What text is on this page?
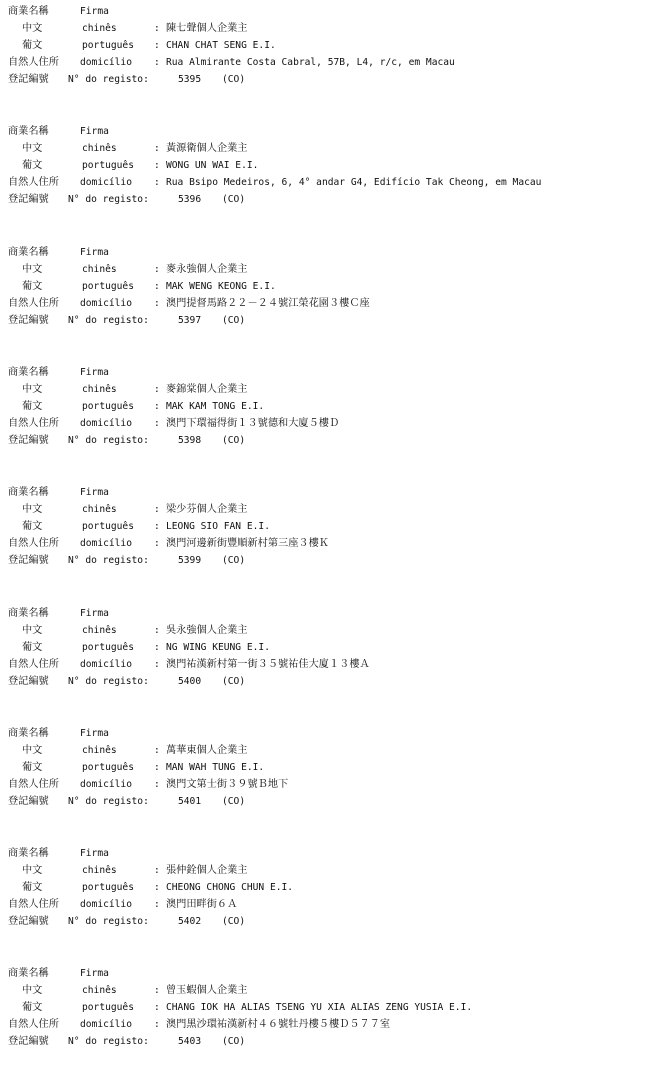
商業名稱	Firma
中文	chinês	: 陳七聲個人企業主
葡文	português : CHAN CHAT SENG E.I.
自然人住所 domicílio : Rua Almirante Costa Cabral, 57B, L4, r/c, em Macau
登記編號 N° do registo:	5395 (CO)
商業名稱	Firma
中文	chinês	: 黃源衛個人企業主
葡文	português : WONG UN WAI E.I.
自然人住所 domicílio : Rua Bsipo Medeiros, 6, 4° andar G4, Edifício Tak Cheong, em Macau
登記編號 N° do registo:	5396 (CO)
商業名稱	Firma
中文	chinês	: 麥永強個人企業主
葡文	português : MAK WENG KEONG E.I.
自然人住所 domicílio : 澳門提督馬路２２－２４號江榮花園３樓Ｃ座
登記編號 N° do registo:	5397 (CO)
商業名稱	Firma
中文	chinês	: 麥錦棠個人企業主
葡文	português : MAK KAM TONG E.I.
自然人住所 domicílio : 澳門下環福得街１３號德和大廈５樓Ｄ
登記編號 N° do registo:	5398 (CO)
商業名稱	Firma
中文	chinês	: 梁少芬個人企業主
葡文	português : LEONG SIO FAN E.I.
自然人住所 domicílio : 澳門河邊新街豐順新村第三座３樓Ｋ
登記編號 N° do registo:	5399 (CO)
商業名稱	Firma
中文	chinês	: 吳永強個人企業主
葡文	português : NG WING KEUNG E.I.
自然人住所 domicílio : 澳門祐漢新村第一街３５號祐佳大廈１３樓Ａ
登記編號 N° do registo:	5400 (CO)
商業名稱	Firma
中文	chinês	: 萬華東個人企業主
葡文	português : MAN WAH TUNG E.I.
自然人住所 domicílio : 澳門文第士街３９號Ｂ地下
登記編號 N° do registo:	5401 (CO)
商業名稱	Firma
中文	chinês	: 張仲銓個人企業主
葡文	português : CHEONG CHONG CHUN E.I.
自然人住所 domicílio : 澳門田畔街６Ａ
登記編號 N° do registo:	5402 (CO)
商業名稱	Firma
中文	chinês	: 曾玉蝦個人企業主
葡文	português : CHANG IOK HA ALIAS TSENG YU XIA ALIAS ZENG YUSIA E.I.
自然人住所 domicílio : 澳門黑沙環祐漢新村４６號牡丹樓５樓Ｄ５７７室
登記編號 N° do registo:	5403 (CO)
